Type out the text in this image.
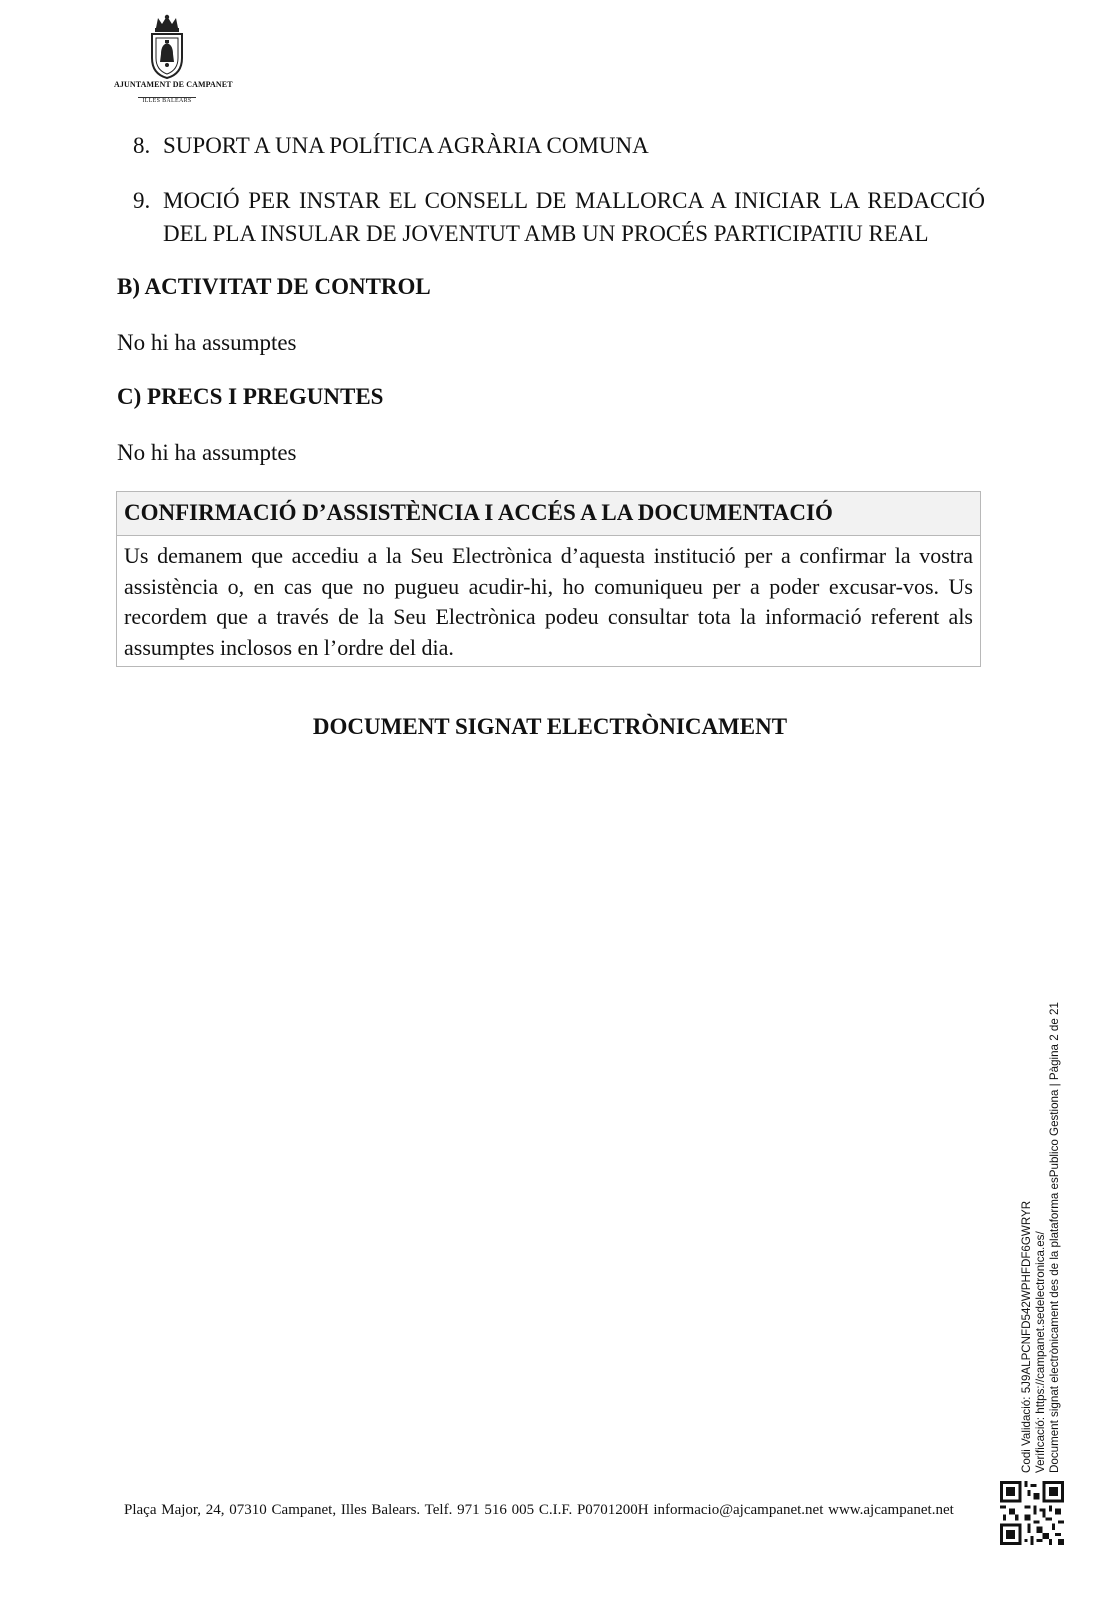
AJUNTAMENT DE CAMPANET
ILLES BALEARS
8. SUPORT A UNA POLÍTICA AGRÀRIA COMUNA
9. MOCIÓ PER INSTAR EL CONSELL DE MALLORCA A INICIAR LA REDACCIÓ DEL PLA INSULAR DE JOVENTUT AMB UN PROCÉS PARTICIPATIU REAL
B) ACTIVITAT DE CONTROL
No hi ha assumptes
C) PRECS I PREGUNTES
No hi ha assumptes
CONFIRMACIÓ D’ASSISTÈNCIA I ACCÉS A LA DOCUMENTACIÓ
Us demanem que accediu a la Seu Electrònica d’aquesta institució per a confirmar la vostra assistència o, en cas que no pugueu acudir-hi, ho comuniqueu per a poder excusar-vos. Us recordem que a través de la Seu Electrònica podeu consultar tota la informació referent als assumptes inclosos en l’ordre del dia.
DOCUMENT SIGNAT ELECTRÒNICAMENT
Codi Validació: 5J9ALPCNFD542WPHFDF6GWRYR Verificació: https://campanet.sedelectronica.es/ Document signat electrònicament des de la plataforma esPublico Gestiona | Pàgina 2 de 21
Plaça Major, 24, 07310 Campanet, Illes Balears. Telf. 971 516 005 C.I.F. P0701200H informacio@ajcampanet.net www.ajcampanet.net
